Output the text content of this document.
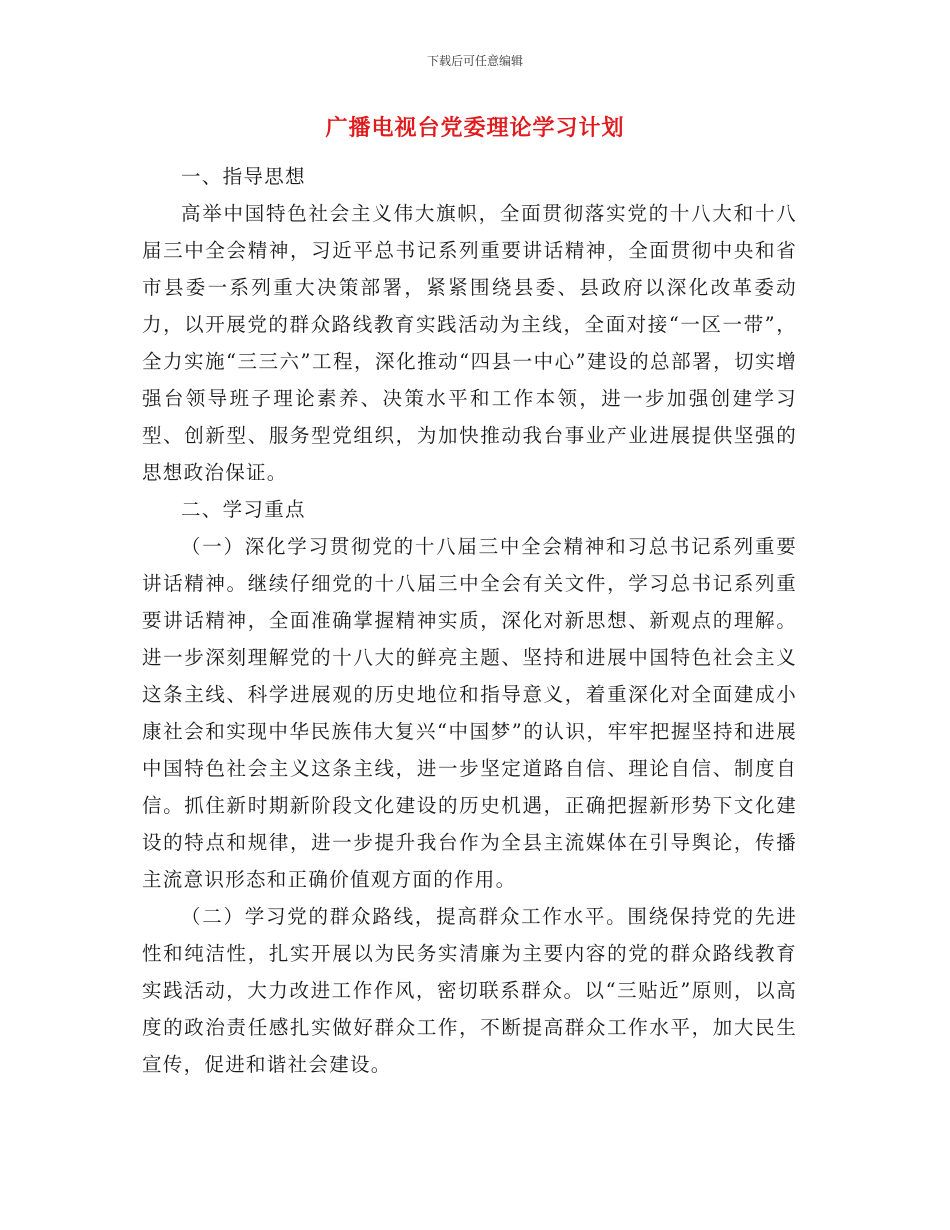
下载后可任意编辑
广播电视台党委理论学习计划

一、指导思想

高举中国特色社会主义伟大旗帜，全面贯彻落实党的十八大和十八届三中全会精神，习近平总书记系列重要讲话精神，全面贯彻中央和省市县委一系列重大决策部署，紧紧围绕县委、县政府以深化改革委动力，以开展党的群众路线教育实践活动为主线，全面对接“一区一带”，全力实施“三三六”工程，深化推动“四县一中心”建设的总部署，切实增强台领导班子理论素养、决策水平和工作本领，进一步加强创建学习型、创新型、服务型党组织，为加快推动我台事业产业进展提供坚强的思想政治保证。

二、学习重点

（一）深化学习贯彻党的十八届三中全会精神和习总书记系列重要讲话精神。继续仔细党的十八届三中全会有关文件，学习总书记系列重要讲话精神，全面准确掌握精神实质，深化对新思想、新观点的理解。进一步深刻理解党的十八大的鲜亮主题、坚持和进展中国特色社会主义这条主线、科学进展观的历史地位和指导意义，着重深化对全面建成小康社会和实现中华民族伟大复兴“中国梦”的认识，牢牢把握坚持和进展中国特色社会主义这条主线，进一步坚定道路自信、理论自信、制度自信。抓住新时期新阶段文化建设的历史机遇，正确把握新形势下文化建设的特点和规律，进一步提升我台作为全县主流媒体在引导舆论，传播主流意识形态和正确价值观方面的作用。

（二）学习党的群众路线，提高群众工作水平。围绕保持党的先进性和纯洁性，扎实开展以为民务实清廉为主要内容的党的群众路线教育实践活动，大力改进工作作风，密切联系群众。以“三贴近”原则，以高度的政治责任感扎实做好群众工作，不断提高群众工作水平，加大民生宣传，促进和谐社会建设。
